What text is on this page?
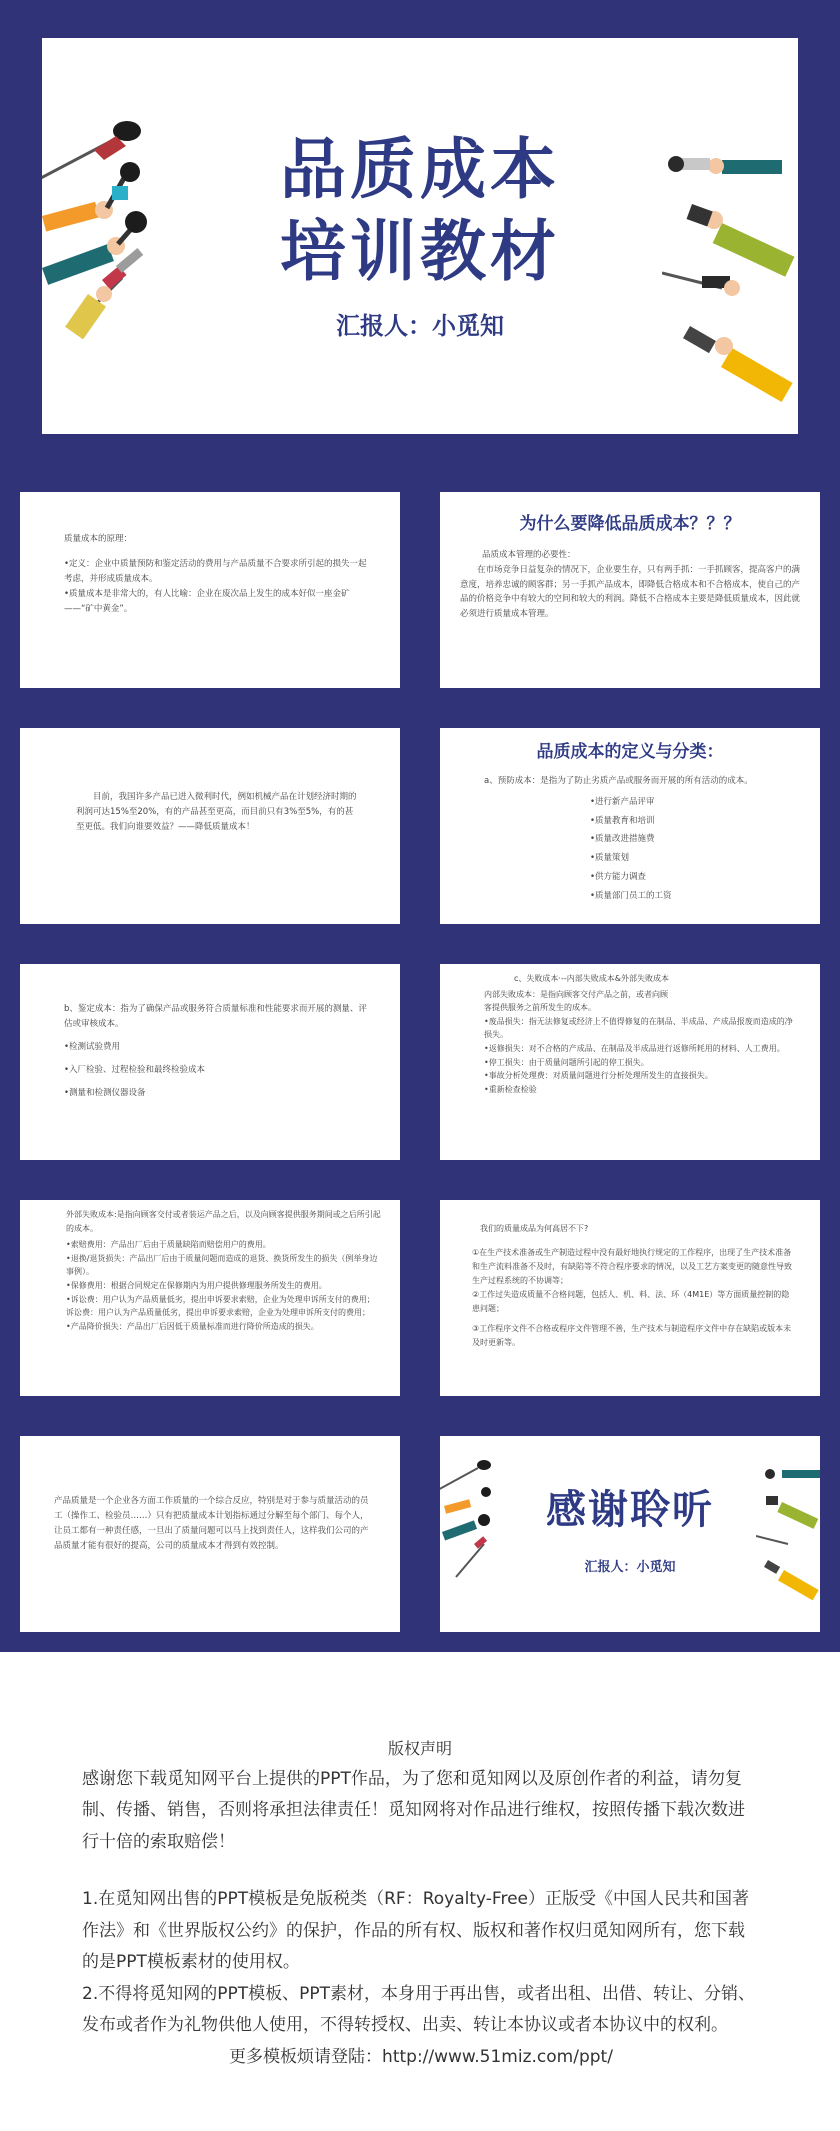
品质成本
培训教材
汇报人：小觅知

质量成本的原理：

•定义：企业中质量预防和鉴定活动的费用与产品质量不合要求所引起的损失一起考虑，并形成质量成本。

•质量成本是非常大的，有人比喻：企业在废次品上发生的成本好似一座金矿——“矿中黄金”。

为什么要降低品质成本？？？

品质成本管理的必要性：

在市场竞争日益复杂的情况下，企业要生存，只有两手抓：一手抓顾客，提高客户的满意度，培养忠诚的顾客群；另一手抓产品成本，即降低合格成本和不合格成本，使自己的产品的价格竞争中有较大的空间和较大的利润。降低不合格成本主要是降低质量成本，因此就必须进行质量成本管理。

目前，我国许多产品已进入微利时代，例如机械产品在计划经济时期的利润可达15%至20%，有的产品甚至更高，而目前只有3%至5%，有的甚至更低。我们向谁要效益？——降低质量成本！

品质成本的定义与分类：

a、预防成本：是指为了防止劣质产品或服务而开展的所有活动的成本。

•进行新产品评审
•质量教育和培训
•质量改进措施费
•质量策划
•供方能力调查
•质量部门员工的工资

b、鉴定成本：指为了确保产品或服务符合质量标准和性能要求而开展的测量、评估或审核成本。

•检测试验费用
•入厂检验、过程检验和最终检验成本
•测量和检测仪器设备

c、失败成本·--内部失败成本&外部失败成本

内部失败成本：是指向顾客交付产品之前，或者向顾

客提供服务之前所发生的成本。

•废品损失：指无法修复或经济上不值得修复的在制品、半成品、产成品报废而造成的净损失。

•返修损失：对不合格的产成品、在制品及半成品进行返修所耗用的材料、人工费用。

•停工损失：由于质量问题所引起的停工损失。

•事故分析处理费：对质量问题进行分析处理所发生的直接损失。

•重新检查检验

外部失败成本:是指向顾客交付或者装运产品之后，以及向顾客提供服务期间或之后所引起的成本。

•索赔费用：产品出厂后由于质量缺陷而赔偿用户的费用。

•退换/退货损失：产品出厂后由于质量问题而造成的退货、换货所发生的损失（例举身边事例）。

•保修费用：根据合同规定在保修期内为用户提供修理服务所发生的费用。

•诉讼费：用户认为产品质量低劣，提出申诉要求索赔，企业为处理申诉所支付的费用；诉讼费：用户认为产品质量低劣，提出申诉要求索赔，企业为处理申诉所支付的费用；

•产品降价损失：产品出厂后因低于质量标准而进行降价所造成的损失。

我们的质量成品为何高居不下?

①在生产技术准备或生产制造过程中没有最好地执行规定的工作程序，出现了生产技术准备和生产流料准备不及时，有缺陷等不符合程序要求的情况，以及工艺方案变更的随意性导致生产过程系统的不协调等；

②工作过失造成质量不合格问题，包括人、机、料、法、环（4M1E）等方面质量控制的隐患问题；

③工作程序文件不合格或程序文件管理不善，生产技术与制造程序文件中存在缺陷或版本未及时更新等。

产品质量是一个企业各方面工作质量的一个综合反应，特别是对于参与质量活动的员工（操作工、检验员……）只有把质量成本计划指标通过分解至每个部门、每个人，让员工都有一种责任感，一旦出了质量问题可以马上找到责任人，这样我们公司的产品质量才能有很好的提高，公司的质量成本才得到有效控制。

感谢聆听
汇报人：小觅知
版权声明

感谢您下载觅知网平台上提供的PPT作品，为了您和觅知网以及原创作者的利益，请勿复制、传播、销售，否则将承担法律责任！觅知网将对作品进行维权，按照传播下载次数进行十倍的索取赔偿！

1.在觅知网出售的PPT模板是免版税类（RF：Royalty-Free）正版受《中国人民共和国著作法》和《世界版权公约》的保护，作品的所有权、版权和著作权归觅知网所有，您下载的是PPT模板素材的使用权。

2.不得将觅知网的PPT模板、PPT素材，本身用于再出售，或者出租、出借、转让、分销、发布或者作为礼物供他人使用，不得转授权、出卖、转让本协议或者本协议中的权利。

更多模板烦请登陆：http://www.51miz.com/ppt/
